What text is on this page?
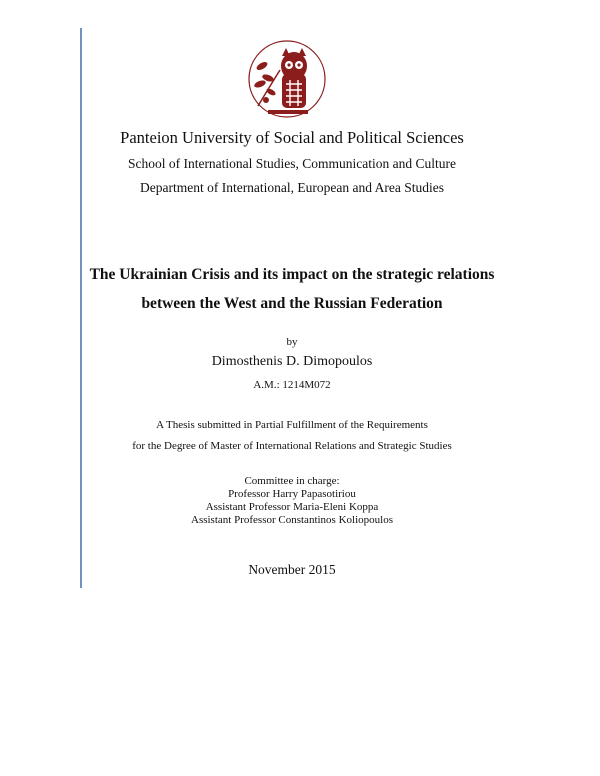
Panteion University of Social and Political Sciences
School of International Studies, Communication and Culture
Department of International, European and Area Studies
The Ukrainian Crisis and its impact on the strategic relations
between the West and the Russian Federation
by
Dimosthenis D. Dimopoulos
A.M.: 1214M072
A Thesis submitted in Partial Fulfillment of the Requirements
for the Degree of Master of International Relations and Strategic Studies
Committee in charge:
Professor Harry Papasotiriou
Assistant Professor Maria-Eleni Koppa
Assistant Professor Constantinos Koliopoulos
November 2015
